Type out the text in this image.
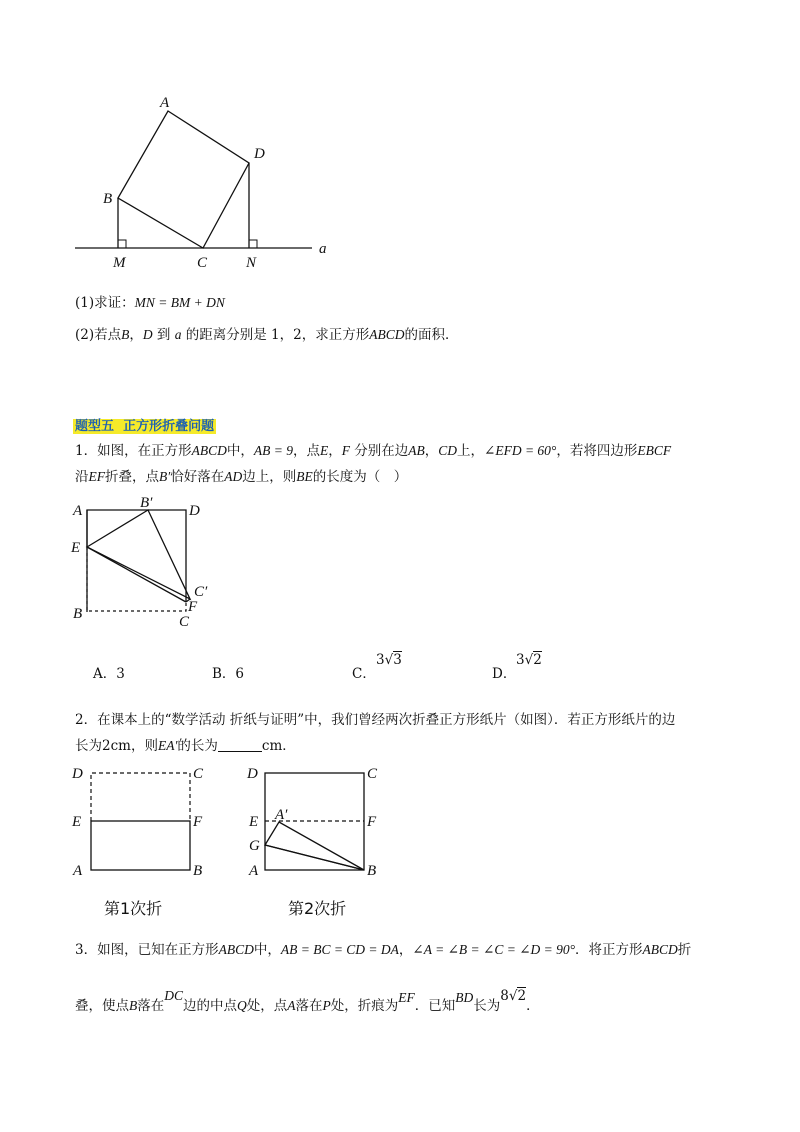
A
D
B
M	C	N
a
(1)求证：MN = BM + DN
(2)若点B，D 到 a 的距离分别是 1，2，求正方形ABCD的面积．
题型五 正方形折叠问题
1．如图，在正方形ABCD中，AB = 9，点E，F 分别在边AB，CD上，∠EFD = 60°，若将四边形EBCF
沿EF折叠，点B′恰好落在AD边上，则BE的长度为（　）
A	B′ D
E
C′
F
B	C
A．3	B．6	C．
3√3
D．
3√2
2．在课本上的“数学活动 折纸与证明”中，我们曾经两次折叠正方形纸片（如图）．若正方形纸片的边
长为2cm，则EA′的长为	cm．
D	C
E	F
A	B
第1次折
D	C
E A′	F
G
A	B
第2次折
3．如图，已知在正方形ABCD中，AB = BC = CD = DA，∠A = ∠B = ∠C = ∠D = 90°．将正方形ABCD折
叠，使点B落在DC边的中点Q处，点A落在P处，折痕为EF．已知BD长为8√2．
